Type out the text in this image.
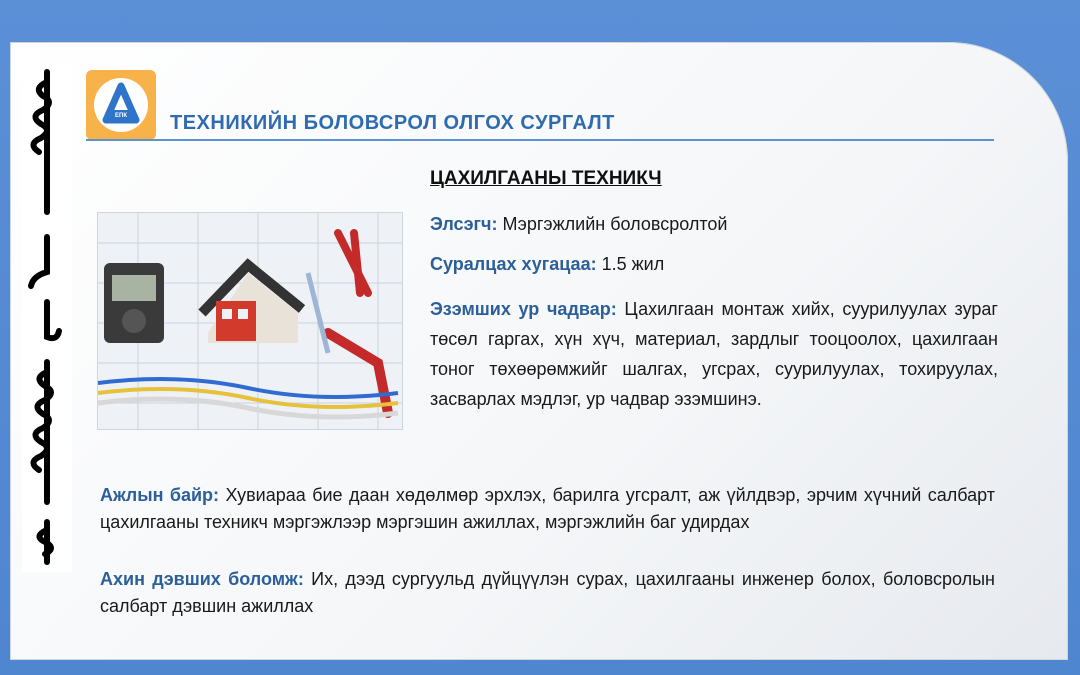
ЕПК ТЕХНИКИЙН БОЛОВСРОЛ ОЛГОХ СУРГАЛТ
ЦАХИЛГААНЫ ТЕХНИКЧ
Элсэгч: Мэргэжлийн боловсролтой
Суралцах хугацаа: 1.5 жил
Эзэмших ур чадвар: Цахилгаан монтаж хийх, суурилуулах зураг төсөл гаргах, хүн хүч, материал, зардлыг тооцоолох, цахилгаан тоног төхөөрөмжийг шалгах, угсрах, суурилуулах, тохируулах, засварлах мэдлэг, ур чадвар эзэмшинэ.
Ажлын байр: Хувиараа бие даан хөдөлмөр эрхлэх, барилга угсралт, аж үйлдвэр, эрчим хүчний салбарт цахилгааны техникч мэргэжлээр мэргэшин ажиллах, мэргэжлийн баг удирдах
Ахин дэвших боломж: Их, дээд сургуульд дүйцүүлэн сурах, цахилгааны инженер болох, боловсролын салбарт дэвшин ажиллах
